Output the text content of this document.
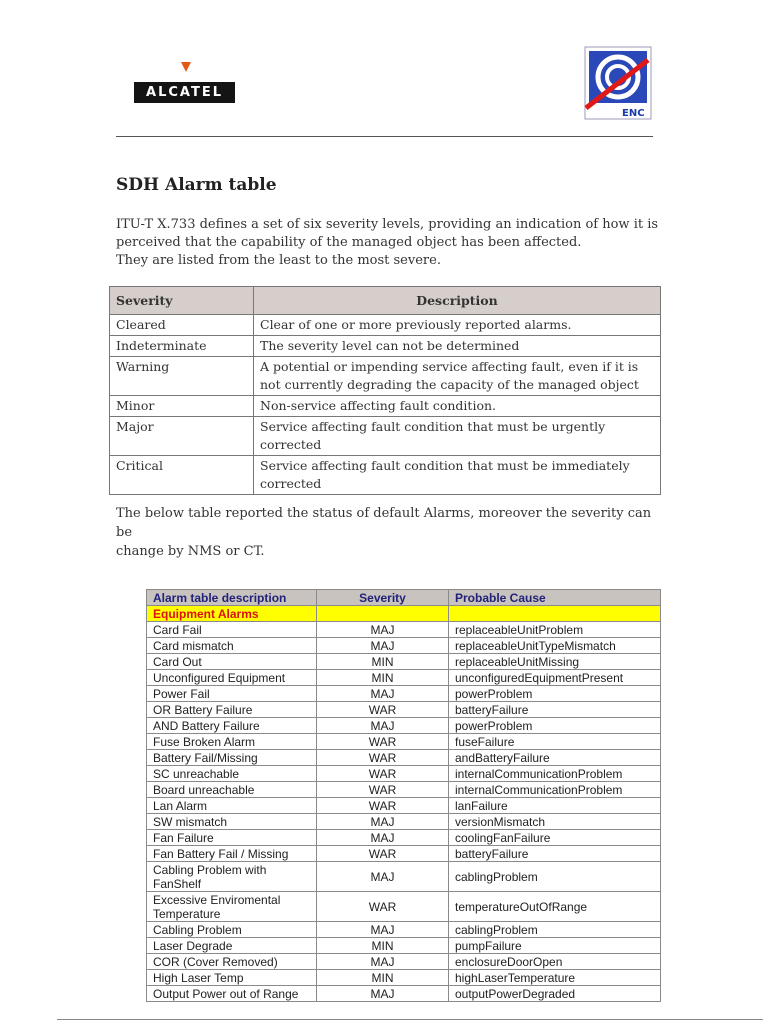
ALCATEL
ENC
SDH Alarm table

ITU-T X.733 defines a set of six severity levels, providing an indication of how it is

perceived that the capability of the managed object has been affected.

They are listed from the least to the most severe.

Severity	Description
Cleared	Clear of one or more previously reported alarms.
Indeterminate	The severity level can not be determined
Warning	A potential or impending service affecting fault, even if it is not currently degrading the capacity of the managed object
Minor	Non-service affecting fault condition.
Major	Service affecting fault condition that must be urgently corrected
Critical	Service affecting fault condition that must be immediately corrected

The below table reported the status of default Alarms, moreover the severity can be

change by NMS or CT.

Alarm table description	Severity	Probable Cause
Equipment Alarms		
Card Fail	MAJ	replaceableUnitProblem
Card mismatch	MAJ	replaceableUnitTypeMismatch
Card Out	MIN	replaceableUnitMissing
Unconfigured Equipment	MIN	unconfiguredEquipmentPresent
Power Fail	MAJ	powerProblem
OR Battery Failure	WAR	batteryFailure
AND Battery Failure	MAJ	powerProblem
Fuse Broken Alarm	WAR	fuseFailure
Battery Fail/Missing	WAR	andBatteryFailure
SC unreachable	WAR	internalCommunicationProblem
Board unreachable	WAR	internalCommunicationProblem
Lan Alarm	WAR	lanFailure
SW mismatch	MAJ	versionMismatch
Fan Failure	MAJ	coolingFanFailure
Fan Battery Fail / Missing	WAR	batteryFailure
Cabling Problem with FanShelf	MAJ	cablingProblem
Excessive Enviromental Temperature	WAR	temperatureOutOfRange
Cabling Problem	MAJ	cablingProblem
Laser Degrade	MIN	pumpFailure
COR (Cover Removed)	MAJ	enclosureDoorOpen
High Laser Temp	MIN	highLaserTemperature
Output Power out of Range	MAJ	outputPowerDegraded
